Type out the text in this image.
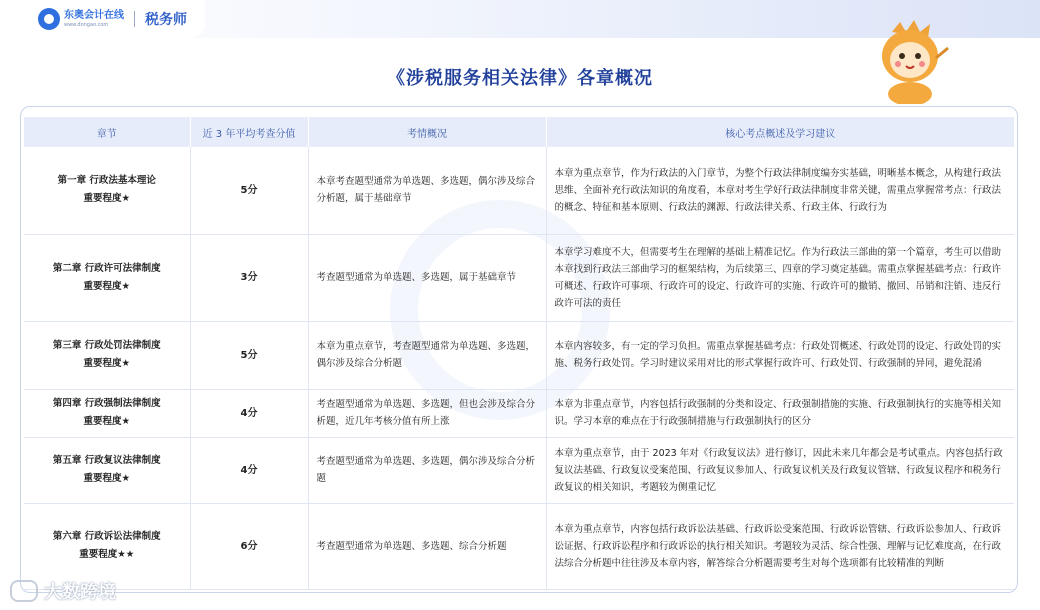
东奥会计在线
www.dongao.com	税务师
《涉税服务相关法律》各章概况
章节	近 3 年平均考查分值	考情概况	核心考点概述及学习建议

第一章 行政法基本理论
重要程度★	5分	本章考查题型通常为单选题、多选题，偶尔涉及综合分析题，属于基础章节	本章为重点章节，作为行政法的入门章节，为整个行政法律制度编夯实基础，明晰基本概念，从构建行政法思维、全面补充行政法知识的角度看，本章对考生学好行政法律制度非常关键，需重点掌握常考点：行政法的概念、特征和基本原则、行政法的渊源、行政法律关系、行政主体、行政行为

第二章 行政许可法律制度
重要程度★	3分	考查题型通常为单选题、多选题，属于基础章节	本章学习难度不大，但需要考生在理解的基础上精准记忆。作为行政法三部曲的第一个篇章，考生可以借助本章找到行政法三部曲学习的框架结构，为后续第三、四章的学习奠定基础。需重点掌握基础考点：行政许可概述、行政许可事项、行政许可的设定、行政许可的实施、行政许可的撤销、撤回、吊销和注销、违反行政许可法的责任

第三章 行政处罚法律制度
重要程度★	5分	本章为重点章节，考查题型通常为单选题、多选题，偶尔涉及综合分析题	本章内容较多，有一定的学习负担。需重点掌握基础考点：行政处罚概述、行政处罚的设定、行政处罚的实施、税务行政处罚。学习时建议采用对比的形式掌握行政许可、行政处罚、行政强制的异同，避免混淆

第四章 行政强制法律制度
重要程度★	4分	考查题型通常为单选题、多选题，但也会涉及综合分析题，近几年考核分值有所上涨	本章为非重点章节，内容包括行政强制的分类和设定、行政强制措施的实施、行政强制执行的实施等相关知识。学习本章的难点在于行政强制措施与行政强制执行的区分

第五章 行政复议法律制度
重要程度★	4分	考查题型通常为单选题、多选题，偶尔涉及综合分析题	本章为重点章节，由于 2023 年对《行政复议法》进行修订，因此未来几年都会是考试重点。内容包括行政复议法基础、行政复议受案范围、行政复议参加人、行政复议机关及行政复议管辖、行政复议程序和税务行政复议的相关知识，考题较为侧重记忆

第六章 行政诉讼法律制度
重要程度★★	6分	考查题型通常为单选题、多选题、综合分析题	本章为重点章节，内容包括行政诉讼法基础、行政诉讼受案范围、行政诉讼管辖、行政诉讼参加人、行政诉讼证据、行政诉讼程序和行政诉讼的执行相关知识。考题较为灵活、综合性强、理解与记忆难度高，在行政法综合分析题中往往涉及本章内容，解答综合分析题需要考生对每个选项都有比较精准的判断
大数跨境
